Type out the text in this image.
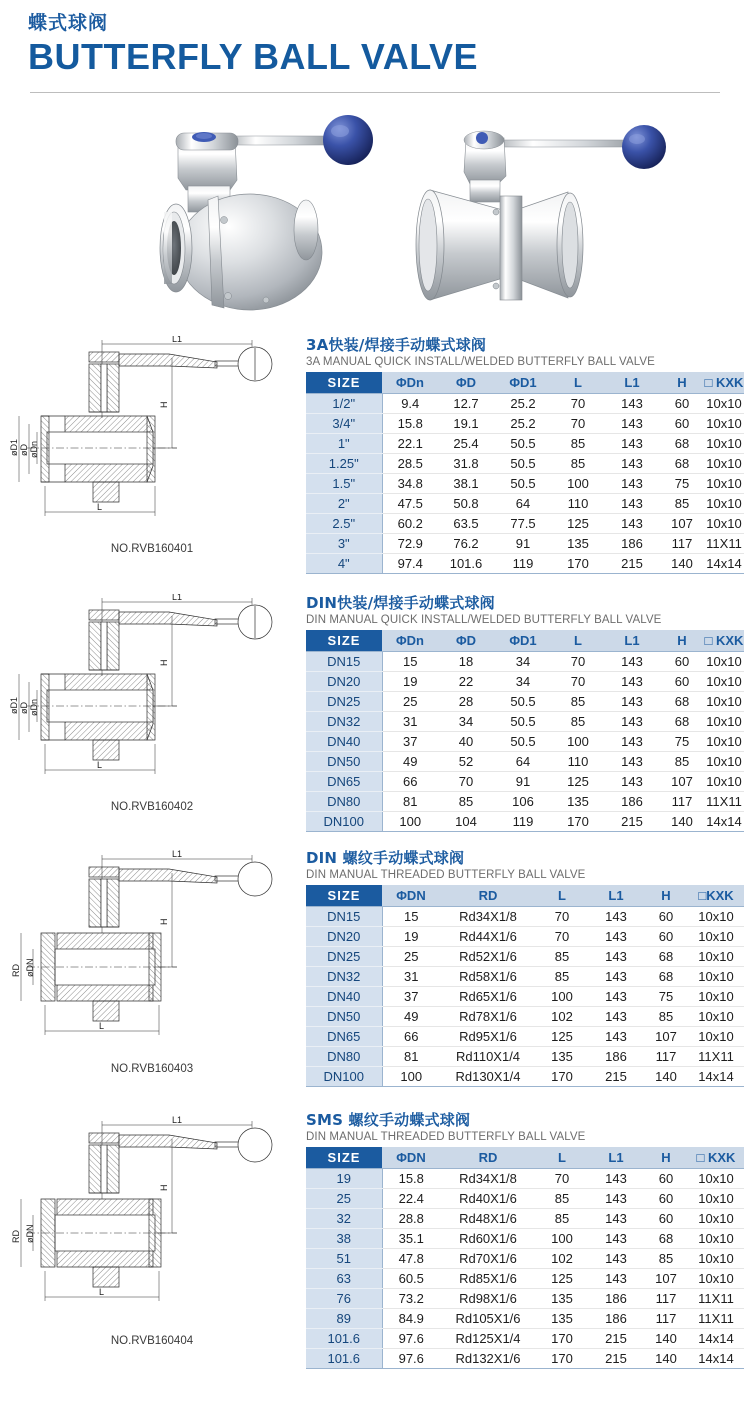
蝶式球阀
BUTTERFLY BALL VALVE
L1
H
øD1 øD øDn
L
NO.RVB160401
3A快装/焊接手动蝶式球阀
3A MANUAL QUICK INSTALL/WELDED BUTTERFLY BALL VALVE
SIZE	ΦDn	ΦD	ΦD1	L	L1	H	□ KXK
1/2"	9.4	12.7	25.2	70	143	60	10x10
3/4"	15.8	19.1	25.2	70	143	60	10x10
1"	22.1	25.4	50.5	85	143	68	10x10
1.25"	28.5	31.8	50.5	85	143	68	10x10
1.5"	34.8	38.1	50.5	100	143	75	10x10
2"	47.5	50.8	64	110	143	85	10x10
2.5"	60.2	63.5	77.5	125	143	107	10x10
3"	72.9	76.2	91	135	186	117	11X11
4"	97.4	101.6	119	170	215	140	14x14
L1
H
øD1 øD øDn
L
NO.RVB160402
DIN快装/焊接手动蝶式球阀
DIN MANUAL QUICK INSTALL/WELDED BUTTERFLY BALL VALVE
SIZE	ΦDn	ΦD	ΦD1	L	L1	H	□ KXK
DN15	15	18	34	70	143	60	10x10
DN20	19	22	34	70	143	60	10x10
DN25	25	28	50.5	85	143	68	10x10
DN32	31	34	50.5	85	143	68	10x10
DN40	37	40	50.5	100	143	75	10x10
DN50	49	52	64	110	143	85	10x10
DN65	66	70	91	125	143	107	10x10
DN80	81	85	106	135	186	117	11X11
DN100	100	104	119	170	215	140	14x14
L1
H
RD øDN
L
NO.RVB160403
DIN 螺纹手动蝶式球阀
DIN MANUAL THREADED BUTTERFLY BALL VALVE
SIZE	ΦDN	RD	L	L1	H	□KXK
DN15	15	Rd34X1/8	70	143	60	10x10
DN20	19	Rd44X1/6	70	143	60	10x10
DN25	25	Rd52X1/6	85	143	68	10x10
DN32	31	Rd58X1/6	85	143	68	10x10
DN40	37	Rd65X1/6	100	143	75	10x10
DN50	49	Rd78X1/6	102	143	85	10x10
DN65	66	Rd95X1/6	125	143	107	10x10
DN80	81	Rd110X1/4	135	186	117	11X11
DN100	100	Rd130X1/4	170	215	140	14x14
L1
H
RD øDN
L
NO.RVB160404
SMS 螺纹手动蝶式球阀
DIN MANUAL THREADED BUTTERFLY BALL VALVE
SIZE	ΦDN	RD	L	L1	H	□ KXK
19	15.8	Rd34X1/8	70	143	60	10x10
25	22.4	Rd40X1/6	85	143	60	10x10
32	28.8	Rd48X1/6	85	143	60	10x10
38	35.1	Rd60X1/6	100	143	68	10x10
51	47.8	Rd70X1/6	102	143	85	10x10
63	60.5	Rd85X1/6	125	143	107	10x10
76	73.2	Rd98X1/6	135	186	117	11X11
89	84.9	Rd105X1/6	135	186	117	11X11
101.6	97.6	Rd125X1/4	170	215	140	14x14
101.6	97.6	Rd132X1/6	170	215	140	14x14
